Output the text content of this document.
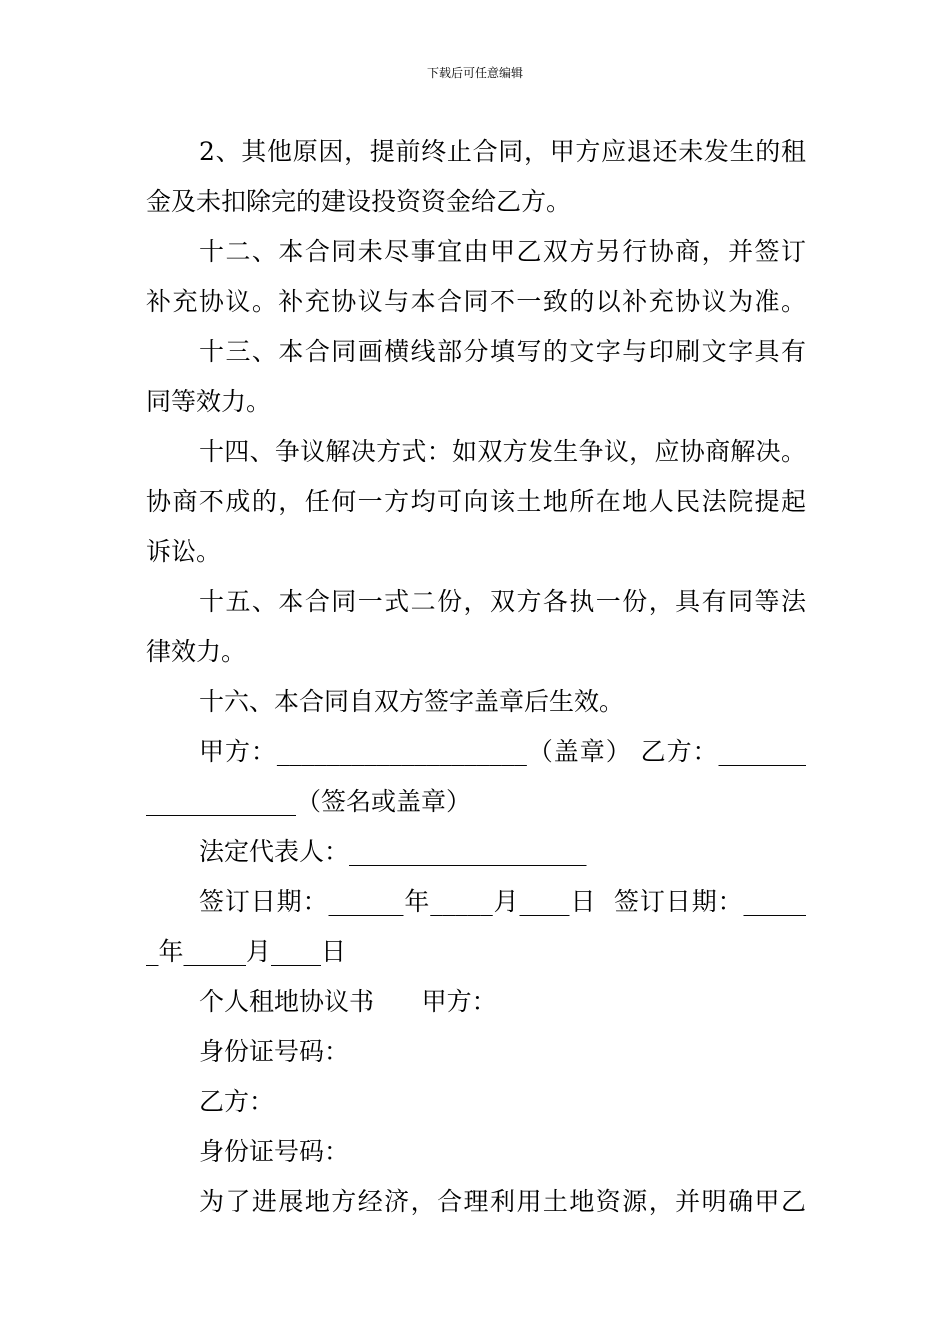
下载后可任意编辑

2、其他原因，提前终止合同，甲方应退还未发生的租

金及未扣除完的建设投资资金给乙方。

十二、本合同未尽事宜由甲乙双方另行协商，并签订

补充协议。补充协议与本合同不一致的以补充协议为准。

十三、本合同画横线部分填写的文字与印刷文字具有

同等效力。

十四、争议解决方式：如双方发生争议，应协商解决。

协商不成的，任何一方均可向该土地所在地人民法院提起

诉讼。

十五、本合同一式二份，双方各执一份，具有同等法

律效力。

十六、本合同自双方签字盖章后生效。

甲方：____________________（盖章） 乙方：_______

____________（签名或盖章）

法定代表人：___________________

签订日期：______年_____月____日  签订日期：_____

_年_____月____日

个人租地协议书      甲方：

身份证号码：

乙方：

身份证号码：

为了进展地方经济，合理利用土地资源，并明确甲乙
